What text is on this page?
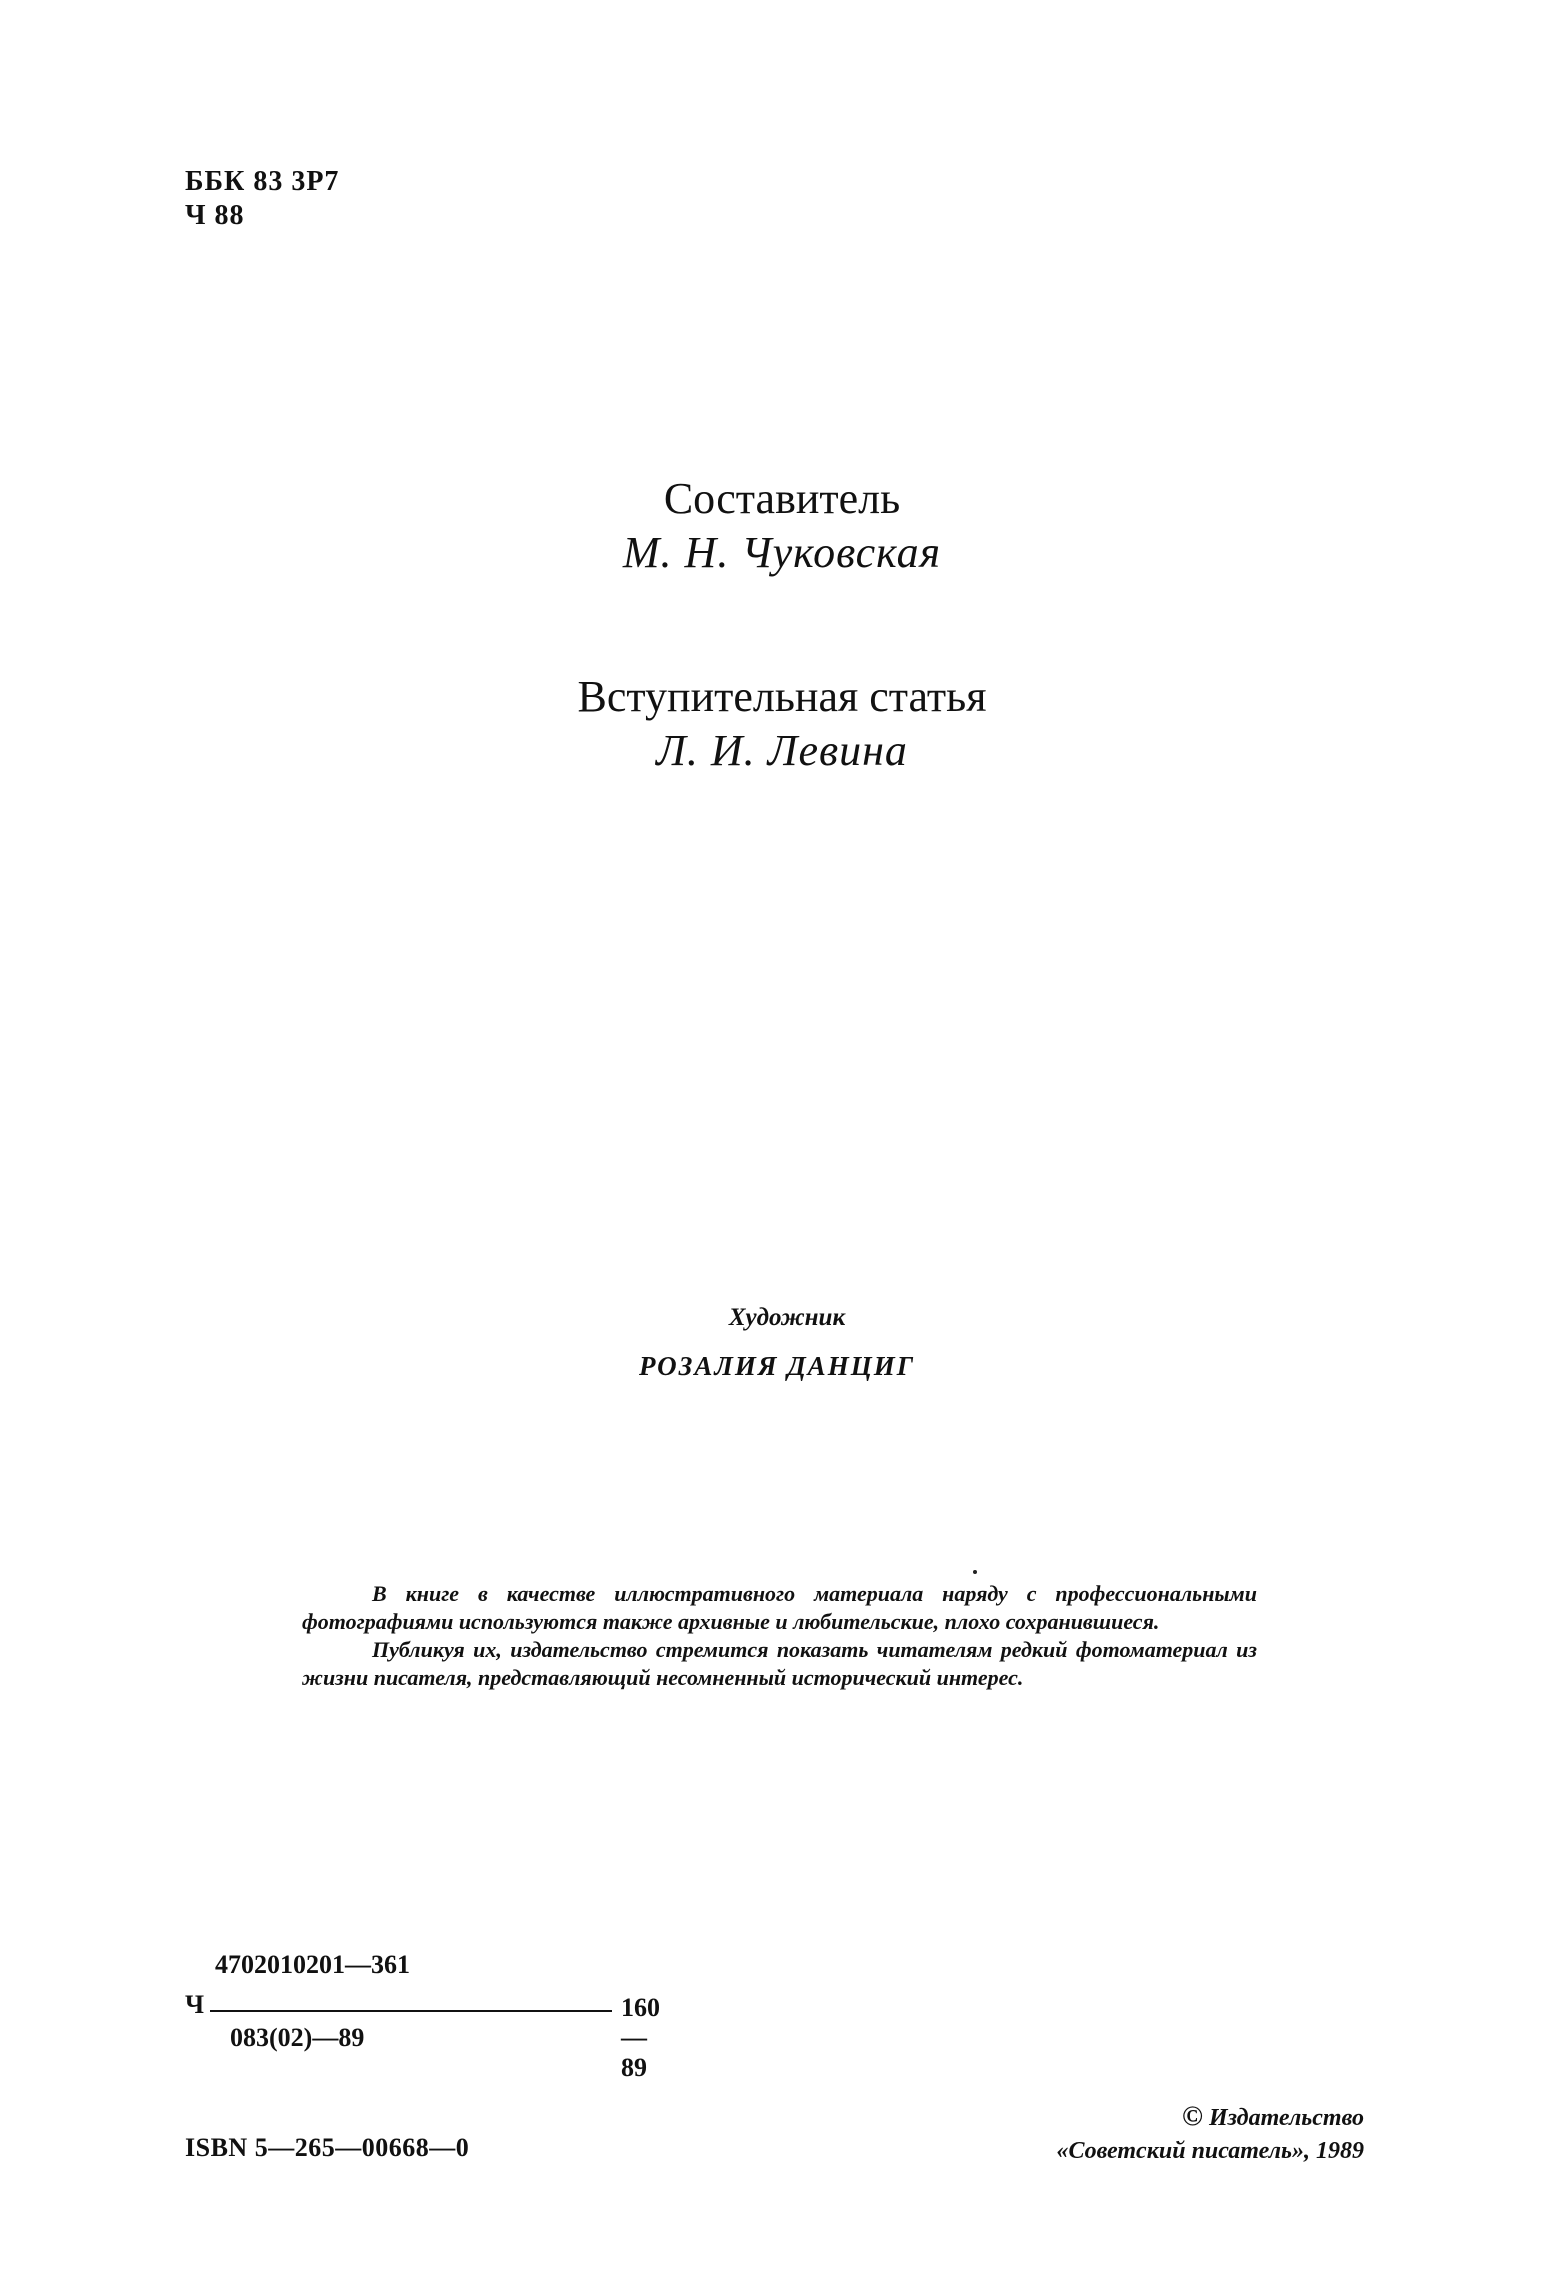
ББК 83 3Р7
Ч 88
Составитель
М. Н. Чуковская
Вступительная статья
Л. И. Левина
Художник
РОЗАЛИЯ ДАНЦИГ

В книге в качестве иллюстративного материала наряду с профессиональными фотографиями используются также архивные и любительские, плохо сохранившиеся.

Публикуя их, издательство стремится показать читателям редкий фотоматериал из жизни писателя, представляющий несомненный исторический интерес.

Ч
4702010201—361
083(02)—89
160—89
ISBN 5—265—00668—0
© Издательство
«Советский писатель», 1989
